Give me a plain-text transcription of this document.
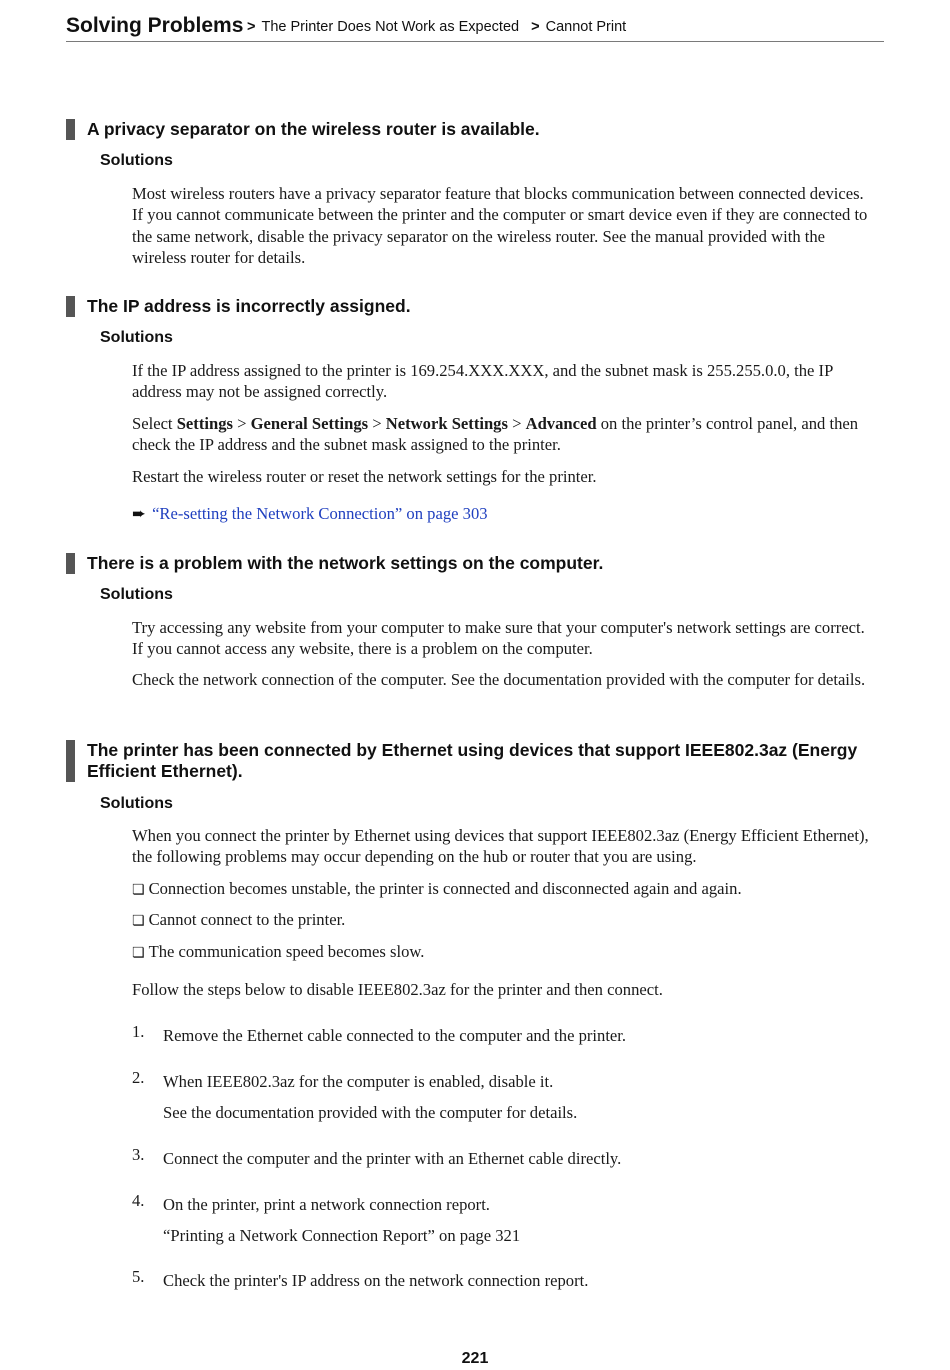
Solving Problems > The Printer Does Not Work as Expected > Cannot Print
A privacy separator on the wireless router is available.
Solutions
Most wireless routers have a privacy separator feature that blocks communication between connected devices. If you cannot communicate between the printer and the computer or smart device even if they are connected to the same network, disable the privacy separator on the wireless router. See the manual provided with the wireless router for details.
The IP address is incorrectly assigned.
Solutions
If the IP address assigned to the printer is 169.254.XXX.XXX, and the subnet mask is 255.255.0.0, the IP address may not be assigned correctly.
Select Settings > General Settings > Network Settings > Advanced on the printer’s control panel, and then check the IP address and the subnet mask assigned to the printer.
Restart the wireless router or reset the network settings for the printer.
➨ “Re-setting the Network Connection” on page 303
There is a problem with the network settings on the computer.
Solutions
Try accessing any website from your computer to make sure that your computer's network settings are correct. If you cannot access any website, there is a problem on the computer.
Check the network connection of the computer. See the documentation provided with the computer for details.
The printer has been connected by Ethernet using devices that support IEEE802.3az (Energy Efficient Ethernet).
Solutions
When you connect the printer by Ethernet using devices that support IEEE802.3az (Energy Efficient Ethernet), the following problems may occur depending on the hub or router that you are using.
❏ Connection becomes unstable, the printer is connected and disconnected again and again.
❏ Cannot connect to the printer.
❏ The communication speed becomes slow.
Follow the steps below to disable IEEE802.3az for the printer and then connect.
1. Remove the Ethernet cable connected to the computer and the printer.
2. When IEEE802.3az for the computer is enabled, disable it.
See the documentation provided with the computer for details.
3. Connect the computer and the printer with an Ethernet cable directly.
4. On the printer, print a network connection report.
“Printing a Network Connection Report” on page 321
5. Check the printer's IP address on the network connection report.
221
